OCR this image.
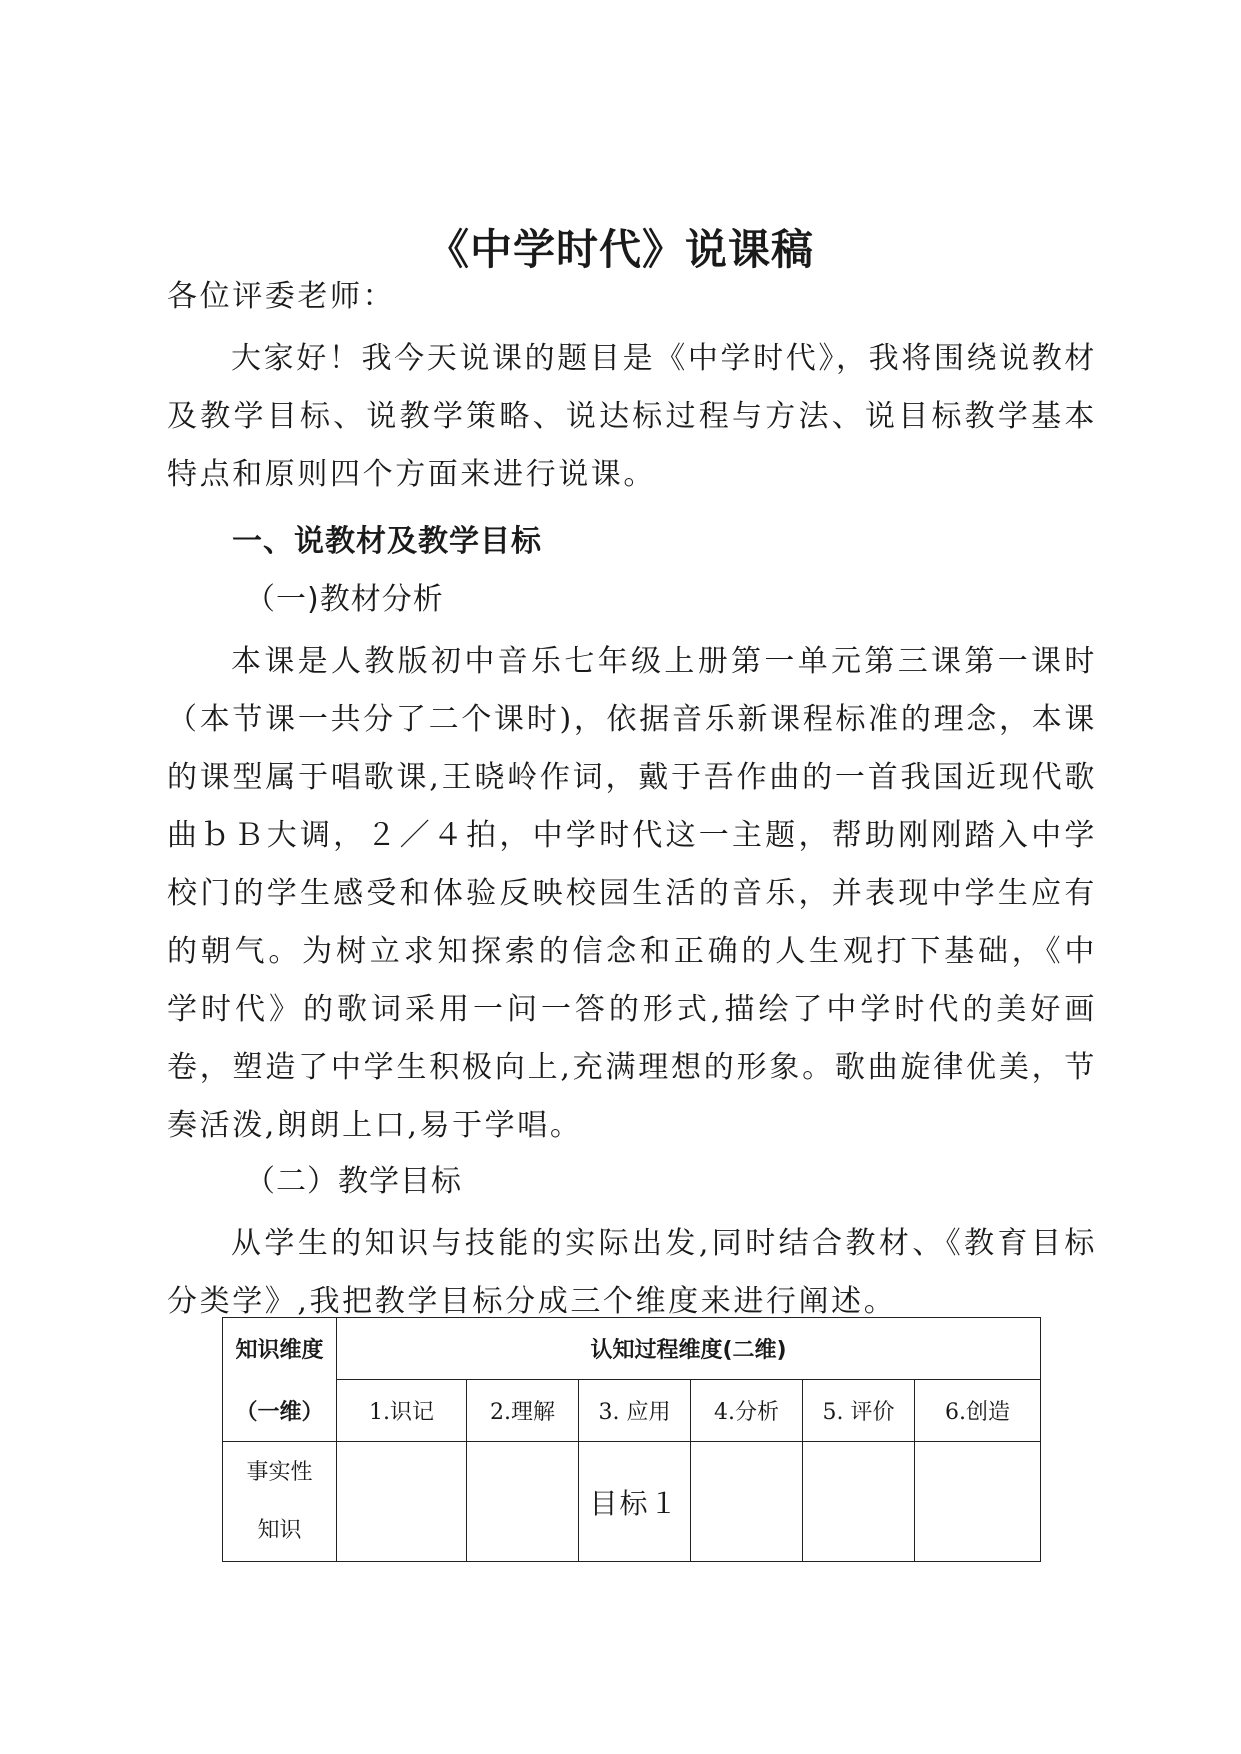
《中学时代》说课稿
各位评委老师：
大家好！我今天说课的题目是《中学时代》，我将围绕说教材及教学目标、说教学策略、说达标过程与方法、说目标教学基本特点和原则四个方面来进行说课。
一、说教材及教学目标
（一)教材分析
本课是人教版初中音乐七年级上册第一单元第三课第一课时（本节课一共分了二个课时)，依据音乐新课程标准的理念，本课的课型属于唱歌课,王晓岭作词，戴于吾作曲的一首我国近现代歌曲ｂＢ大调，２／４拍，中学时代这一主题，帮助刚刚踏入中学校门的学生感受和体验反映校园生活的音乐，并表现中学生应有的朝气。为树立求知探索的信念和正确的人生观打下基础，《中学时代》的歌词采用一问一答的形式,描绘了中学时代的美好画卷，塑造了中学生积极向上,充满理想的形象。歌曲旋律优美，节奏活泼,朗朗上口,易于学唱。
（二）教学目标
从学生的知识与技能的实际出发,同时结合教材、《教育目标分类学》,我把教学目标分成三个维度来进行阐述。
知识维度	认知过程维度(二维)					
（一维）	1.识记	2.理解	3. 应用	4.分析	5. 评价	6.创造

事实性
知识			目标１			
